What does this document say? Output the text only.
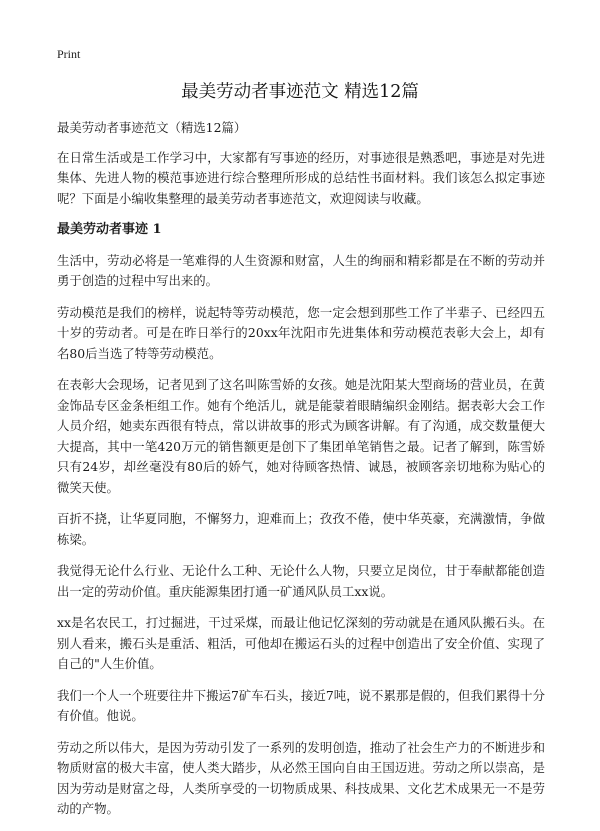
Print
最美劳动者事迹范文 精选12篇

最美劳动者事迹范文（精选12篇）

在日常生活或是工作学习中，大家都有写事迹的经历，对事迹很是熟悉吧，事迹是对先进集体、先进人物的模范事迹进行综合整理所形成的总结性书面材料。我们该怎么拟定事迹呢？下面是小编收集整理的最美劳动者事迹范文，欢迎阅读与收藏。

最美劳动者事迹 1

生活中，劳动必将是一笔难得的人生资源和财富，人生的绚丽和精彩都是在不断的劳动并勇于创造的过程中写出来的。

劳动模范是我们的榜样，说起特等劳动模范，您一定会想到那些工作了半辈子、已经四五十岁的劳动者。可是在昨日举行的20xx年沈阳市先进集体和劳动模范表彰大会上，却有名80后当选了特等劳动模范。

在表彰大会现场，记者见到了这名叫陈雪娇的女孩。她是沈阳某大型商场的营业员，在黄金饰品专区金条柜组工作。她有个绝活儿，就是能蒙着眼睛编织金刚结。据表彰大会工作人员介绍，她卖东西很有特点，常以讲故事的形式为顾客讲解。有了沟通，成交数量便大大提高，其中一笔420万元的销售额更是创下了集团单笔销售之最。记者了解到，陈雪娇只有24岁，却丝毫没有80后的娇气，她对待顾客热情、诚恳，被顾客亲切地称为贴心的微笑天使。

百折不挠，让华夏同胞，不懈努力，迎难而上；孜孜不倦，使中华英豪，充满激情，争做栋梁。

我觉得无论什么行业、无论什么工种、无论什么人物，只要立足岗位，甘于奉献都能创造出一定的劳动价值。重庆能源集团打通一矿通风队员工xx说。

xx是名农民工，打过掘进，干过采煤，而最让他记忆深刻的劳动就是在通风队搬石头。在别人看来，搬石头是重活、粗活，可他却在搬运石头的过程中创造出了安全价值、实现了自己的"人生价值。

我们一个人一个班要往井下搬运7矿车石头，接近7吨，说不累那是假的，但我们累得十分有价值。他说。

劳动之所以伟大，是因为劳动引发了一系列的发明创造，推动了社会生产力的不断进步和物质财富的极大丰富，使人类大踏步，从必然王国向自由王国迈进。劳动之所以崇高，是因为劳动是财富之母，人类所享受的一切物质成果、科技成果、文化艺术成果无一不是劳动的产物。
